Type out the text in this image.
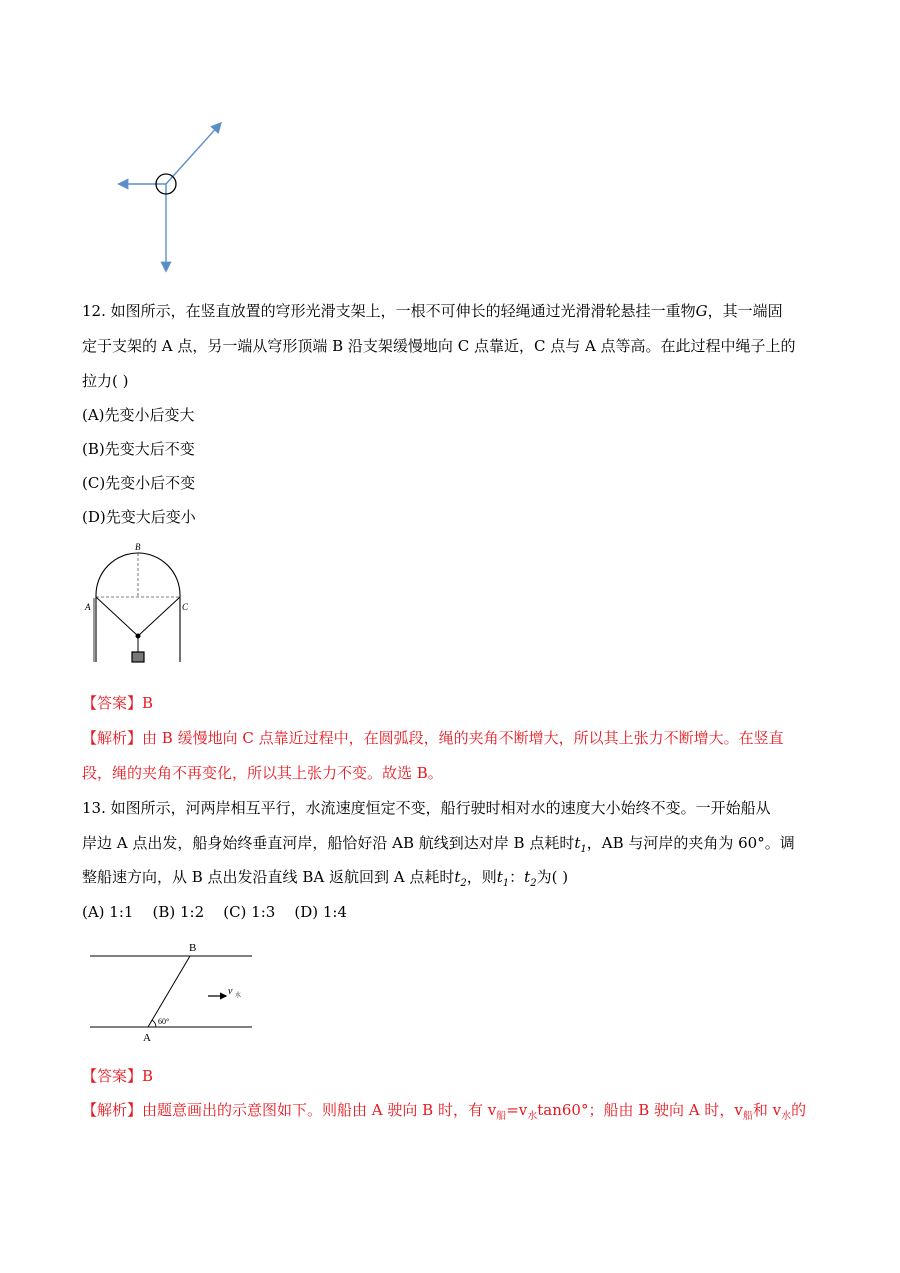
12. 如图所示，在竖直放置的穹形光滑支架上，一根不可伸长的轻绳通过光滑滑轮悬挂一重物G，其一端固
定于支架的 A 点，另一端从穹形顶端 B 沿支架缓慢地向 C 点靠近，C 点与 A 点等高。在此过程中绳子上的
拉力( )
(A)先变小后变大
(B)先变大后不变
(C)先变小后不变
(D)先变大后变小
B
A	C
【答案】B
【解析】由 B 缓慢地向 C 点靠近过程中，在圆弧段，绳的夹角不断增大，所以其上张力不断增大。在竖直
段，绳的夹角不再变化，所以其上张力不变。故选 B。
13. 如图所示，河两岸相互平行，水流速度恒定不变，船行驶时相对水的速度大小始终不变。一开始船从
岸边 A 点出发，船身始终垂直河岸，船恰好沿 AB 航线到达对岸 B 点耗时$t_1$，AB 与河岸的夹角为 60°。调
整船速方向，从 B 点出发沿直线 BA 返航回到 A 点耗时$t_2$，则$t_1$：$t_2$为( )
(A) 1:1    (B) 1:2    (C) 1:3    (D) 1:4
B
A
60°
v 水
【答案】B
【解析】由题意画出的示意图如下。则船由 A 驶向 B 时，有 $v_船=v_水\tan 60^\circ$；船由 B 驶向 A 时，$v_船$和 $v_水$的
